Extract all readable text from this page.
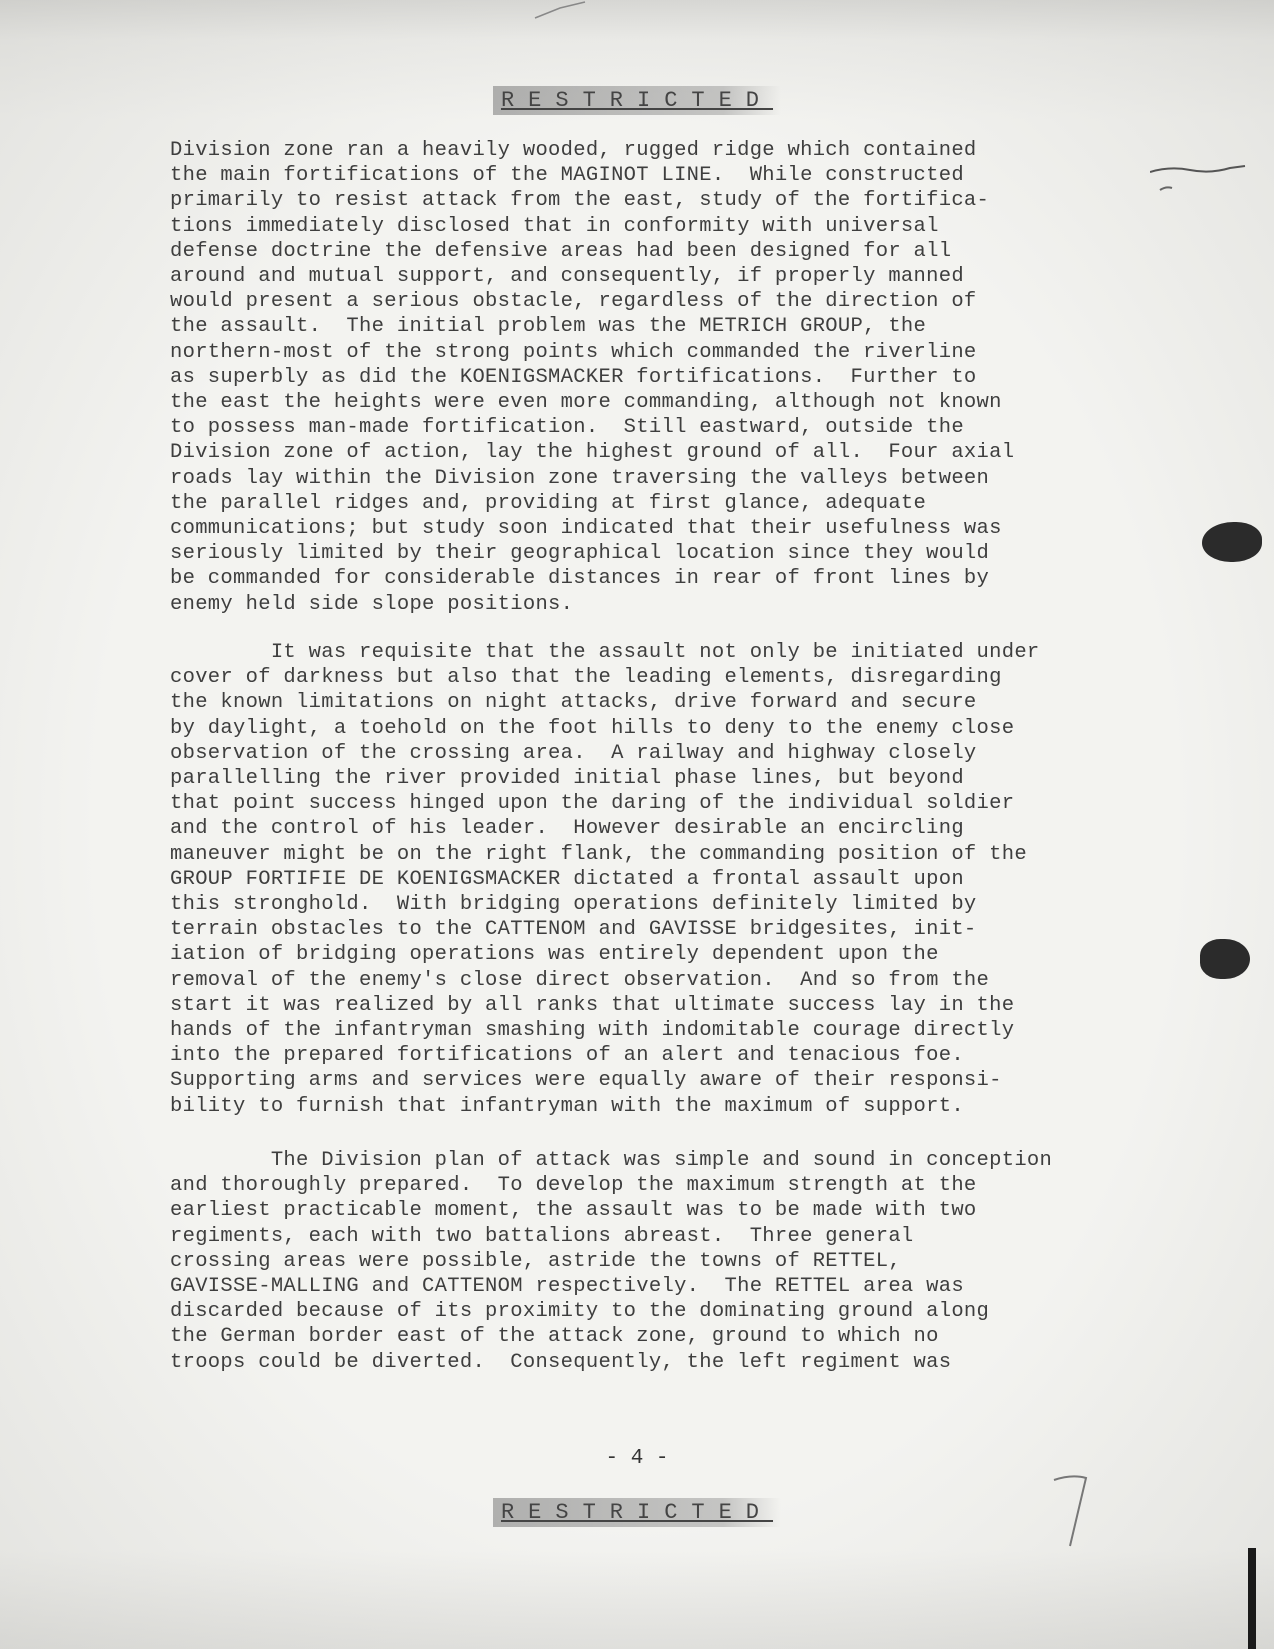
RESTRICTED
Division zone ran a heavily wooded, rugged ridge which contained
the main fortifications of the MAGINOT LINE.  While constructed
primarily to resist attack from the east, study of the fortifica-
tions immediately disclosed that in conformity with universal
defense doctrine the defensive areas had been designed for all
around and mutual support, and consequently, if properly manned
would present a serious obstacle, regardless of the direction of
the assault.  The initial problem was the METRICH GROUP, the
northern-most of the strong points which commanded the riverline
as superbly as did the KOENIGSMACKER fortifications.  Further to
the east the heights were even more commanding, although not known
to possess man-made fortification.  Still eastward, outside the
Division zone of action, lay the highest ground of all.  Four axial
roads lay within the Division zone traversing the valleys between
the parallel ridges and, providing at first glance, adequate
communications; but study soon indicated that their usefulness was
seriously limited by their geographical location since they would
be commanded for considerable distances in rear of front lines by
enemy held side slope positions.
It was requisite that the assault not only be initiated under
cover of darkness but also that the leading elements, disregarding
the known limitations on night attacks, drive forward and secure
by daylight, a toehold on the foot hills to deny to the enemy close
observation of the crossing area.  A railway and highway closely
parallelling the river provided initial phase lines, but beyond
that point success hinged upon the daring of the individual soldier
and the control of his leader.  However desirable an encircling
maneuver might be on the right flank, the commanding position of the
GROUP FORTIFIE DE KOENIGSMACKER dictated a frontal assault upon
this stronghold.  With bridging operations definitely limited by
terrain obstacles to the CATTENOM and GAVISSE bridgesites, init-
iation of bridging operations was entirely dependent upon the
removal of the enemy's close direct observation.  And so from the
start it was realized by all ranks that ultimate success lay in the
hands of the infantryman smashing with indomitable courage directly
into the prepared fortifications of an alert and tenacious foe.
Supporting arms and services were equally aware of their responsi-
bility to furnish that infantryman with the maximum of support.
The Division plan of attack was simple and sound in conception
and thoroughly prepared.  To develop the maximum strength at the
earliest practicable moment, the assault was to be made with two
regiments, each with two battalions abreast.  Three general
crossing areas were possible, astride the towns of RETTEL,
GAVISSE-MALLING and CATTENOM respectively.  The RETTEL area was
discarded because of its proximity to the dominating ground along
the German border east of the attack zone, ground to which no
troops could be diverted.  Consequently, the left regiment was
- 4 -
RESTRICTED
